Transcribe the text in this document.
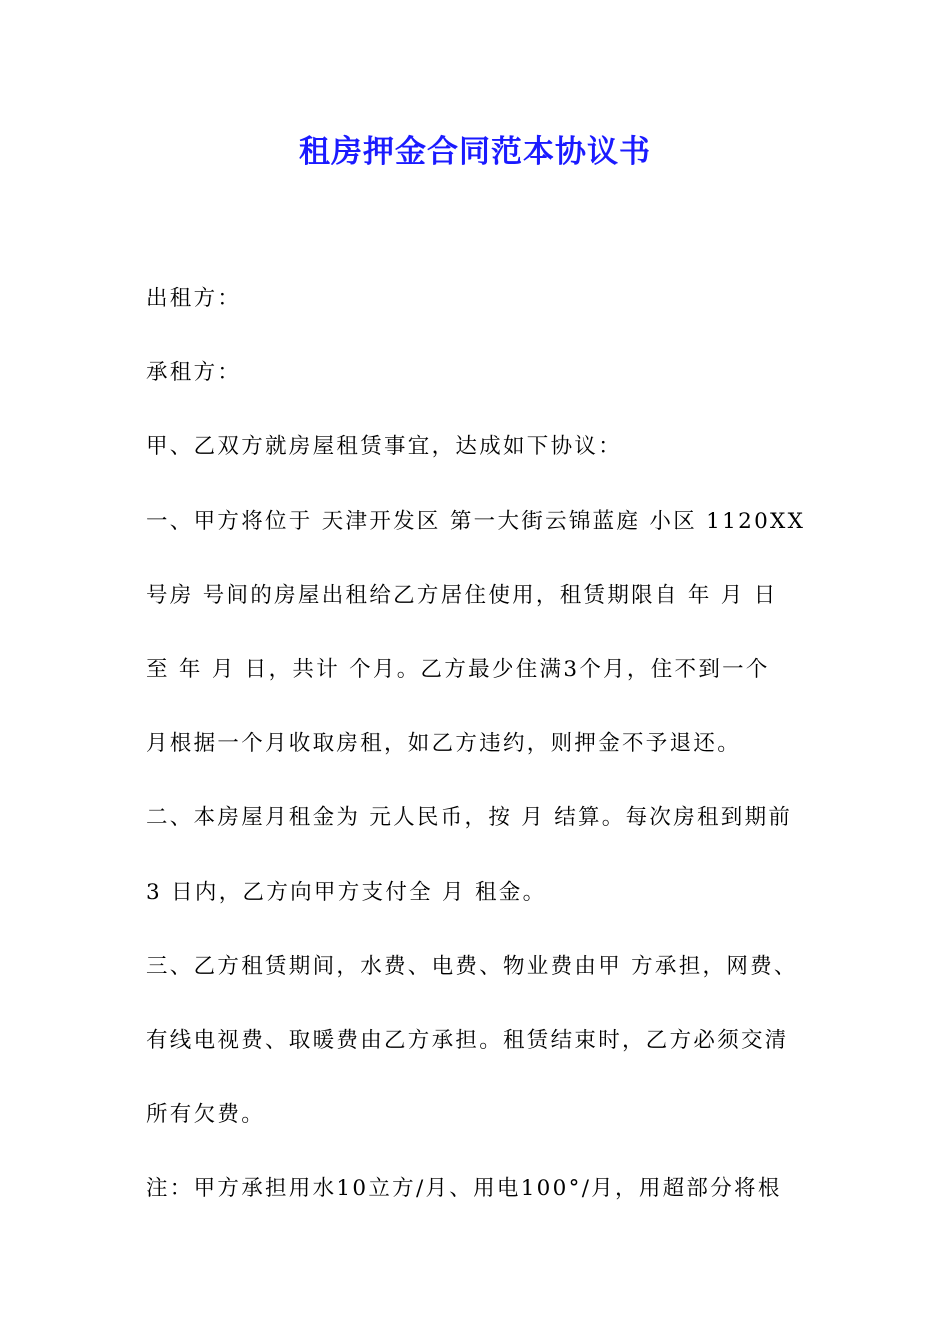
租房押金合同范本协议书
出租方：
承租方：
甲、乙双方就房屋租赁事宜，达成如下协议：
一、甲方将位于 天津开发区 第一大街云锦蓝庭 小区 1120XX
号房 号间的房屋出租给乙方居住使用，租赁期限自 年 月 日
至 年 月 日，共计 个月。乙方最少住满3个月，住不到一个
月根据一个月收取房租，如乙方违约，则押金不予退还。
二、本房屋月租金为 元人民币，按 月 结算。每次房租到期前
3 日内，乙方向甲方支付全 月 租金。
三、乙方租赁期间，水费、电费、物业费由甲 方承担，网费、
有线电视费、取暖费由乙方承担。租赁结束时，乙方必须交清
所有欠费。
注：甲方承担用水10立方/月、用电100°/月，用超部分将根
